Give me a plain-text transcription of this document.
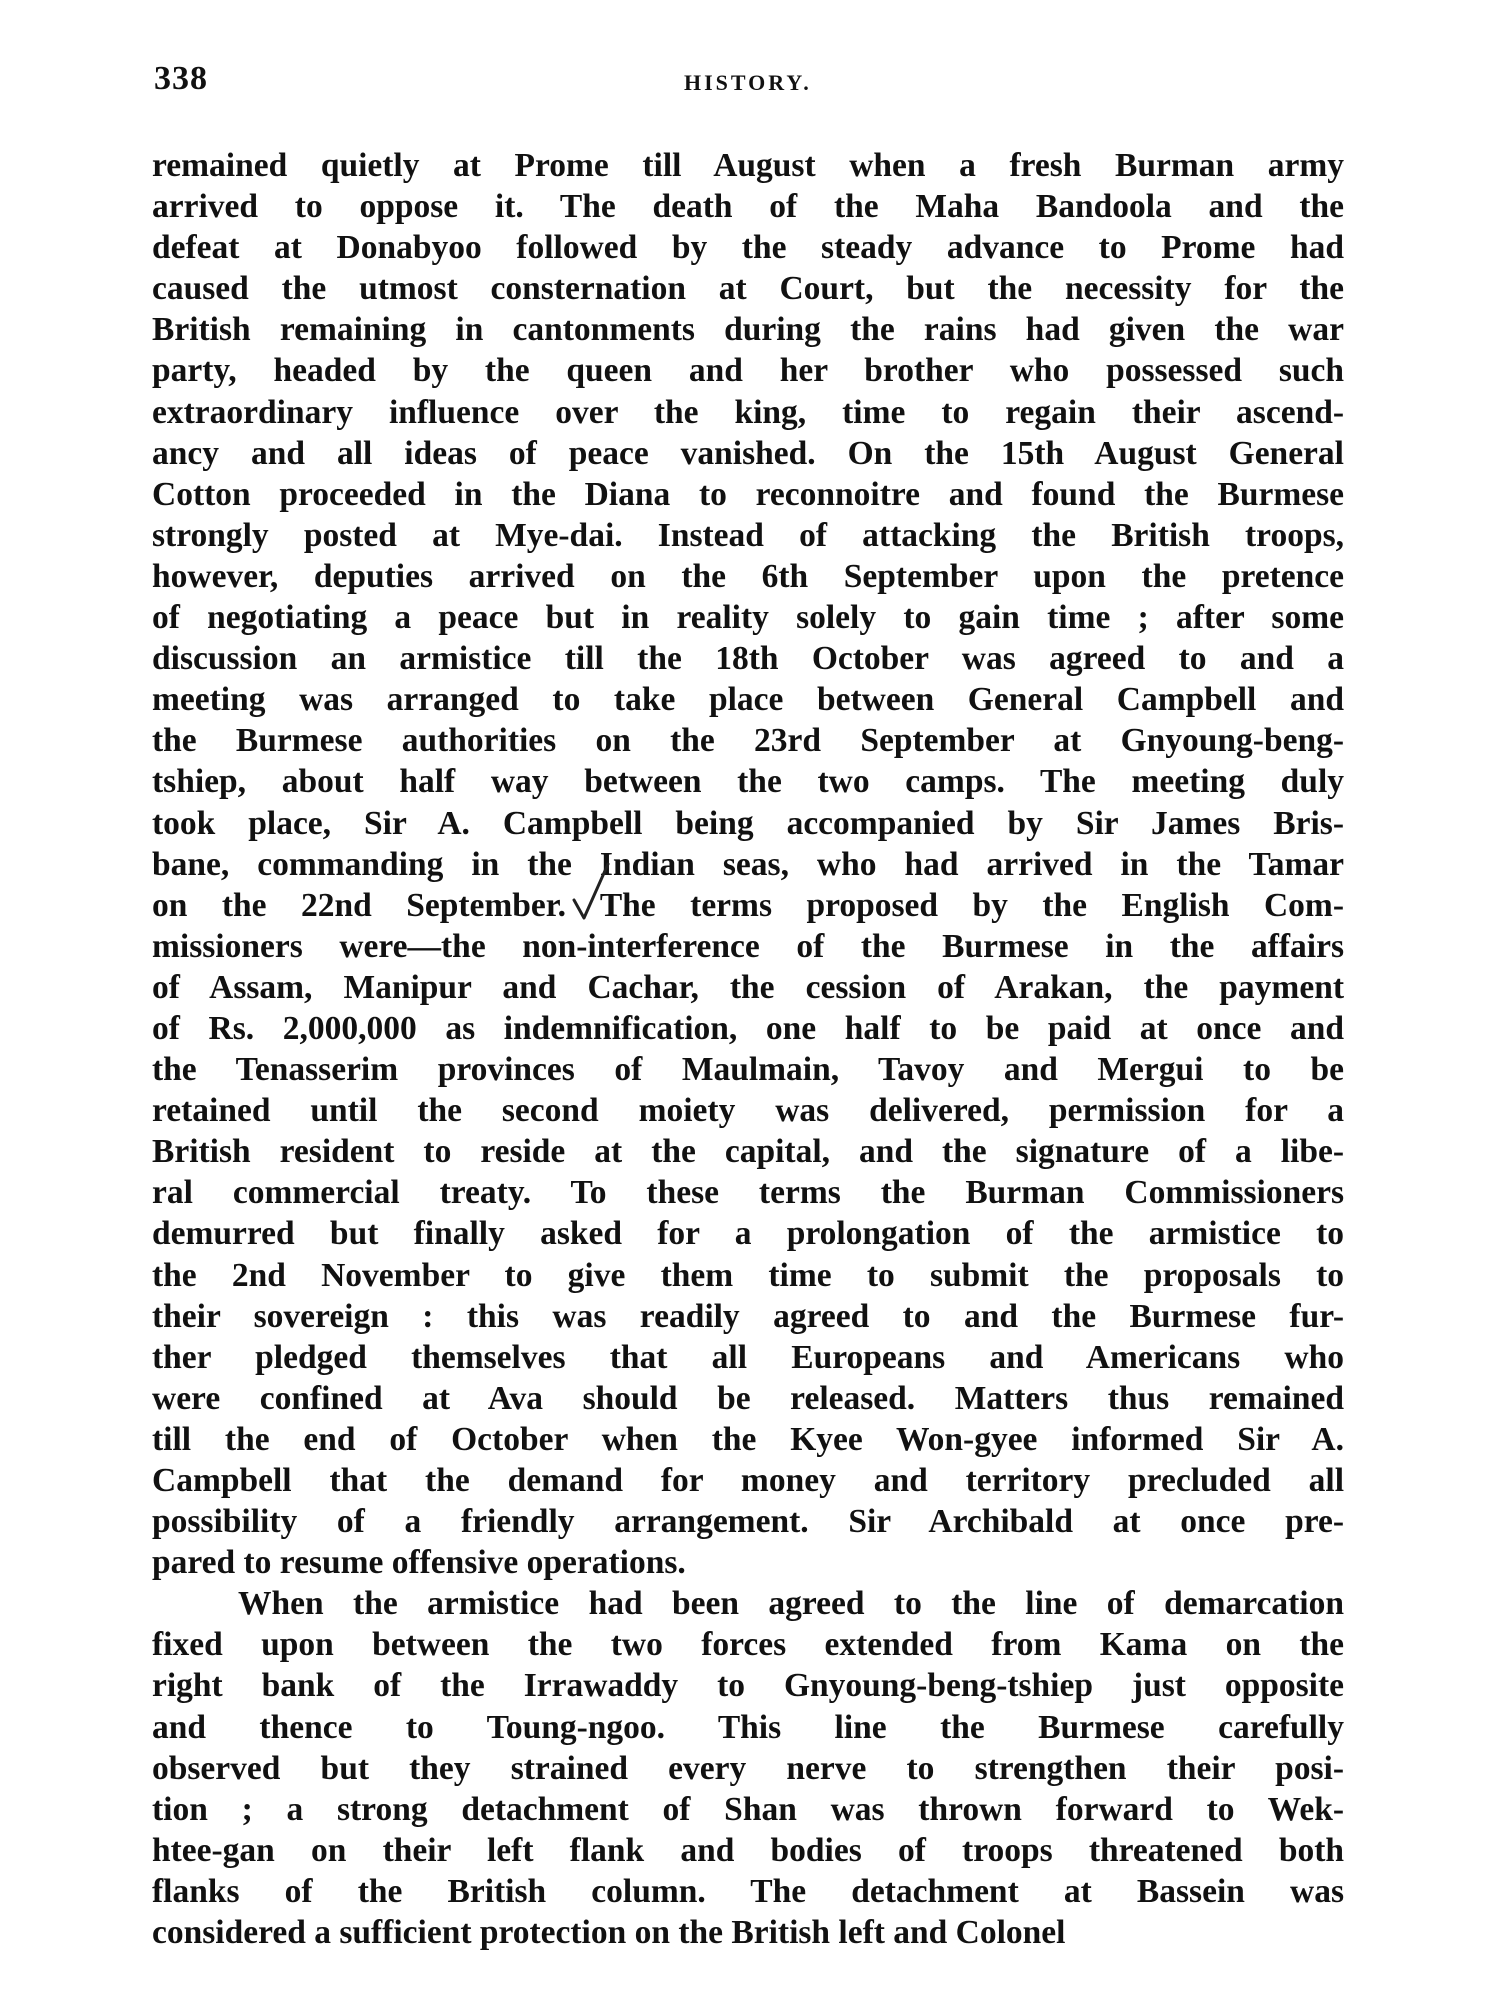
338	HISTORY.
remained quietly at Prome till August when a fresh Burman army
arrived to oppose it. The death of the Maha Bandoola and the
defeat at Donabyoo followed by the steady advance to Prome had
caused the utmost consternation at Court, but the necessity for the
British remaining in cantonments during the rains had given the war
party, headed by the queen and her brother who possessed such
extraordinary influence over the king, time to regain their ascend-
ancy and all ideas of peace vanished. On the 15th August General
Cotton proceeded in the Diana to reconnoitre and found the Burmese
strongly posted at Mye-dai. Instead of attacking the British troops,
however, deputies arrived on the 6th September upon the pretence
of negotiating a peace but in reality solely to gain time ; after some
discussion an armistice till the 18th October was agreed to and a
meeting was arranged to take place between General Campbell and
the Burmese authorities on the 23rd September at Gnyoung-beng-
tshiep, about half way between the two camps. The meeting duly
took place, Sir A. Campbell being accompanied by Sir James Bris-
bane, commanding in the Indian seas, who had arrived in the Tamar
on the 22nd September. The terms proposed by the English Com-
missioners were—the non-interference of the Burmese in the affairs
of Assam, Manipur and Cachar, the cession of Arakan, the payment
of Rs. 2,000,000 as indemnification, one half to be paid at once and
the Tenasserim provinces of Maulmain, Tavoy and Mergui to be
retained until the second moiety was delivered, permission for a
British resident to reside at the capital, and the signature of a libe-
ral commercial treaty. To these terms the Burman Commissioners
demurred but finally asked for a prolongation of the armistice to
the 2nd November to give them time to submit the proposals to
their sovereign : this was readily agreed to and the Burmese fur-
ther pledged themselves that all Europeans and Americans who
were confined at Ava should be released. Matters thus remained
till the end of October when the Kyee Won-gyee informed Sir A.
Campbell that the demand for money and territory precluded all
possibility of a friendly arrangement. Sir Archibald at once pre-
pared to resume offensive operations.
When the armistice had been agreed to the line of demarcation
fixed upon between the two forces extended from Kama on the
right bank of the Irrawaddy to Gnyoung-beng-tshiep just opposite
and thence to Toung-ngoo. This line the Burmese carefully
observed but they strained every nerve to strengthen their posi-
tion ; a strong detachment of Shan was thrown forward to Wek-
htee-gan on their left flank and bodies of troops threatened both
flanks of the British column. The detachment at Bassein was
considered a sufficient protection on the British left and Colonel
